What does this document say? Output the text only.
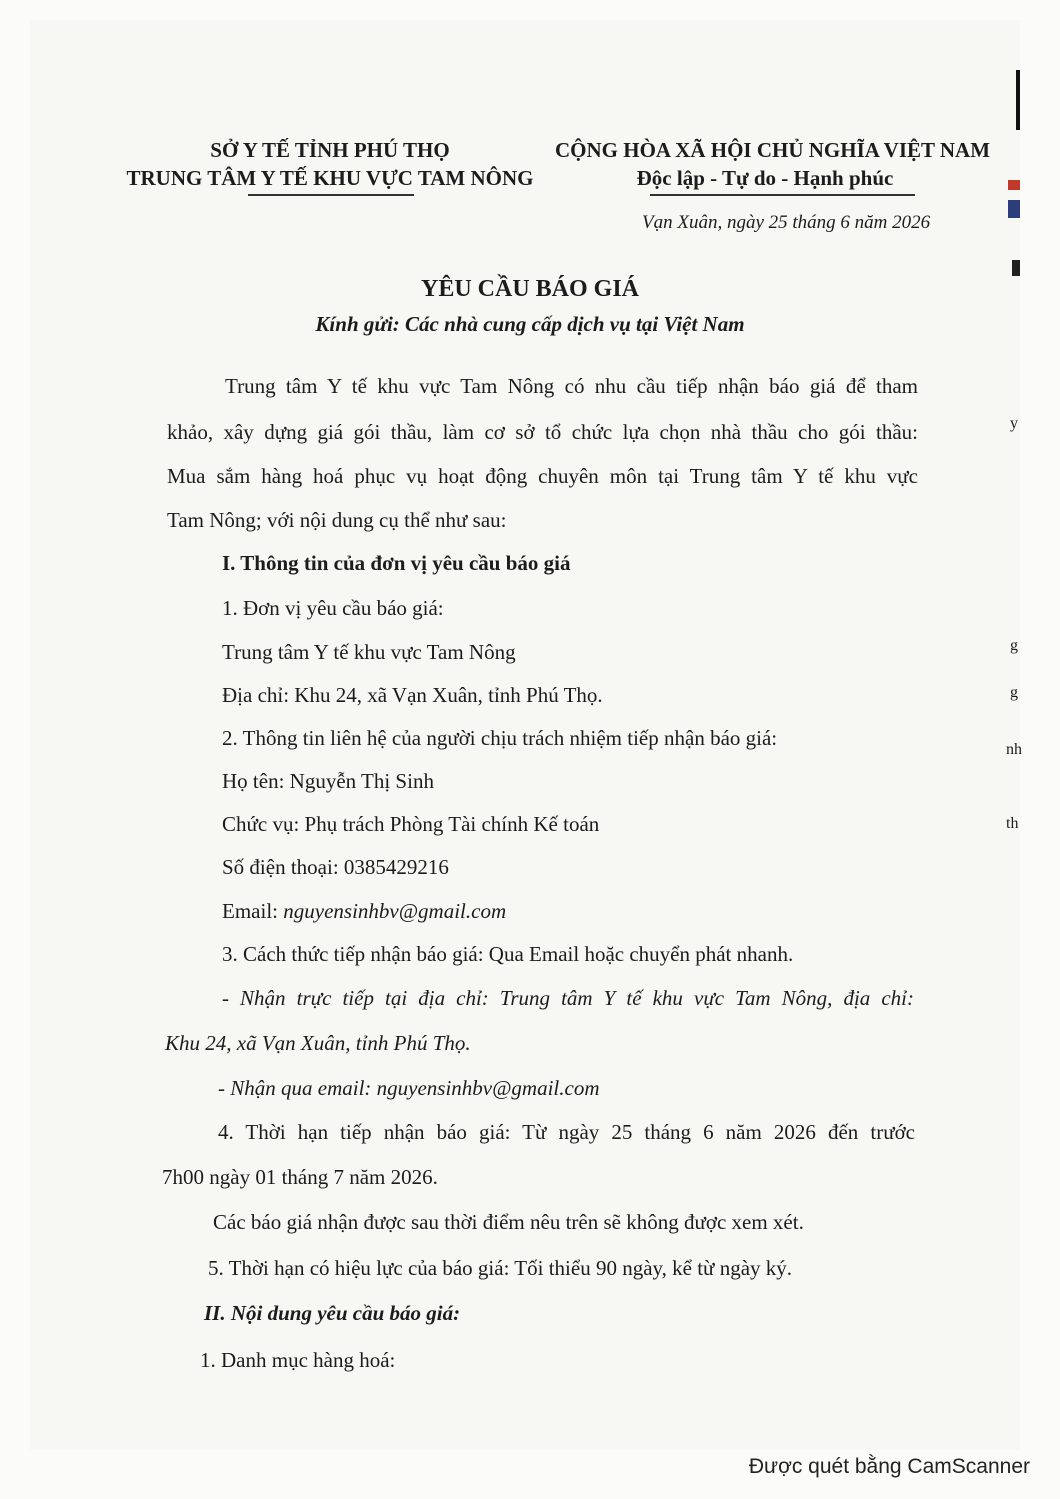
y
g
g
nh
th
SỞ Y TẾ TỈNH PHÚ THỌ
TRUNG TÂM Y TẾ KHU VỰC TAM NÔNG
CỘNG HÒA XÃ HỘI CHỦ NGHĨA VIỆT NAM
Độc lập - Tự do - Hạnh phúc
Vạn Xuân, ngày 25 tháng 6 năm 2026
YÊU CẦU BÁO GIÁ
Kính gửi: Các nhà cung cấp dịch vụ tại Việt Nam
Trung tâm Y tế khu vực Tam Nông có nhu cầu tiếp nhận báo giá để tham
khảo, xây dựng giá gói thầu, làm cơ sở tổ chức lựa chọn nhà thầu cho gói thầu:
Mua sắm hàng hoá phục vụ hoạt động chuyên môn tại Trung tâm Y tế khu vực
Tam Nông; với nội dung cụ thể như sau:
I. Thông tin của đơn vị yêu cầu báo giá
1. Đơn vị yêu cầu báo giá:
Trung tâm Y tế khu vực Tam Nông
Địa chỉ: Khu 24, xã Vạn Xuân, tỉnh Phú Thọ.
2. Thông tin liên hệ của người chịu trách nhiệm tiếp nhận báo giá:
Họ tên: Nguyễn Thị Sinh
Chức vụ: Phụ trách Phòng Tài chính Kế toán
Số điện thoại: 0385429216
Email: nguyensinhbv@gmail.com
3. Cách thức tiếp nhận báo giá: Qua Email hoặc chuyển phát nhanh.
- Nhận trực tiếp tại địa chỉ: Trung tâm Y tế khu vực Tam Nông, địa chỉ:
Khu 24, xã Vạn Xuân, tỉnh Phú Thọ.
- Nhận qua email: nguyensinhbv@gmail.com
4. Thời hạn tiếp nhận báo giá: Từ ngày 25 tháng 6 năm 2026 đến trước
7h00 ngày 01 tháng 7 năm 2026.
Các báo giá nhận được sau thời điểm nêu trên sẽ không được xem xét.
5. Thời hạn có hiệu lực của báo giá: Tối thiểu 90 ngày, kể từ ngày ký.
II. Nội dung yêu cầu báo giá:
1. Danh mục hàng hoá:
Được quét bằng CamScanner
